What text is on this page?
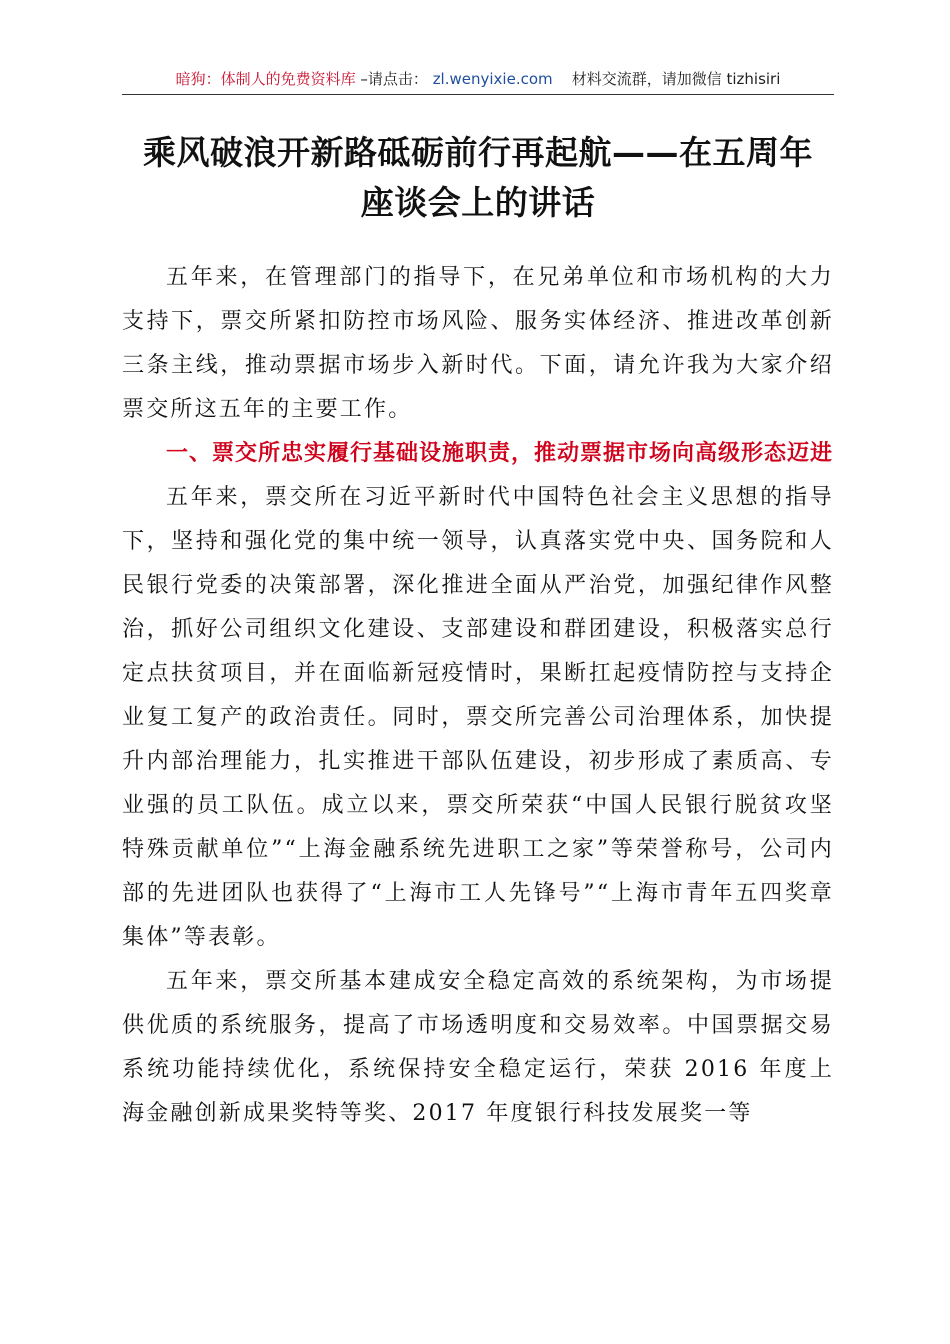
暗狗：体制人的免费资料库 –请点击： zl.wenyixie.com 材料交流群，请加微信 tizhisiri
乘风破浪开新路砥砺前行再起航——在五周年
座谈会上的讲话

五年来，在管理部门的指导下，在兄弟单位和市场机构的大力支持下，票交所紧扣防控市场风险、服务实体经济、推进改革创新三条主线，推动票据市场步入新时代。下面，请允许我为大家介绍票交所这五年的主要工作。

一、票交所忠实履行基础设施职责，推动票据市场向高级形态迈进

五年来，票交所在习近平新时代中国特色社会主义思想的指导下，坚持和强化党的集中统一领导，认真落实党中央、国务院和人民银行党委的决策部署，深化推进全面从严治党，加强纪律作风整治，抓好公司组织文化建设、支部建设和群团建设，积极落实总行定点扶贫项目，并在面临新冠疫情时，果断扛起疫情防控与支持企业复工复产的政治责任。同时，票交所完善公司治理体系，加快提升内部治理能力，扎实推进干部队伍建设，初步形成了素质高、专业强的员工队伍。成立以来，票交所荣获“中国人民银行脱贫攻坚特殊贡献单位”“上海金融系统先进职工之家”等荣誉称号，公司内部的先进团队也获得了“上海市工人先锋号”“上海市青年五四奖章集体”等表彰。

五年来，票交所基本建成安全稳定高效的系统架构，为市场提供优质的系统服务，提高了市场透明度和交易效率。中国票据交易系统功能持续优化，系统保持安全稳定运行，荣获 2016 年度上海金融创新成果奖特等奖、2017 年度银行科技发展奖一等
